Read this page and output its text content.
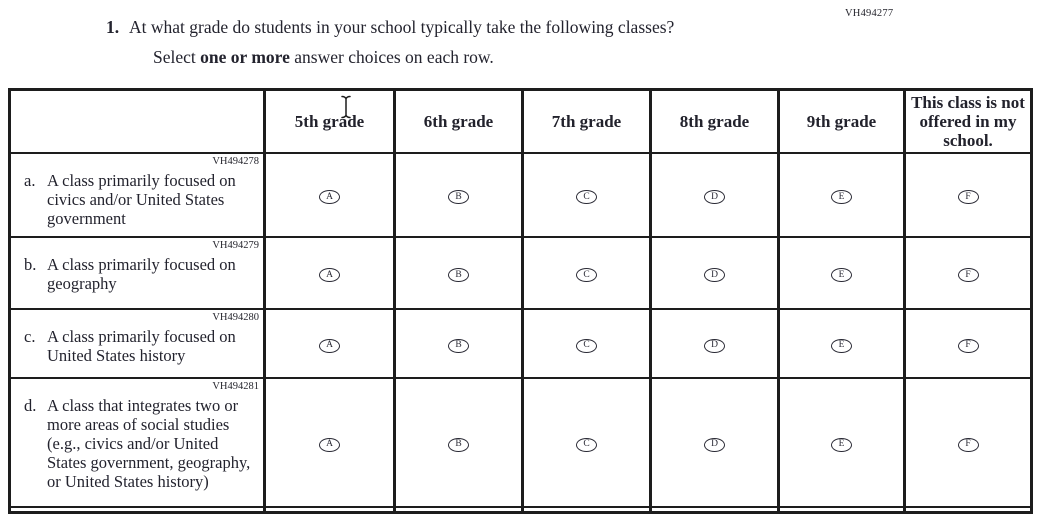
VH494277
1. At what grade do students in your school typically take the following classes?
Select one or more answer choices on each row.
	5th grade	6th grade	7th grade	8th grade	9th grade	This class is not offered in my school.

VH494278
a. A class primarily focused on civics and/or United States government	A	B	C	D	E	F

VH494279
b. A class primarily focused on geography	A	B	C	D	E	F

VH494280
c. A class primarily focused on United States history	A	B	C	D	E	F

VH494281
d. A class that integrates two or more areas of social studies (e.g., civics and/or United States government, geography, or United States history)	A	B	C	D	E	F
